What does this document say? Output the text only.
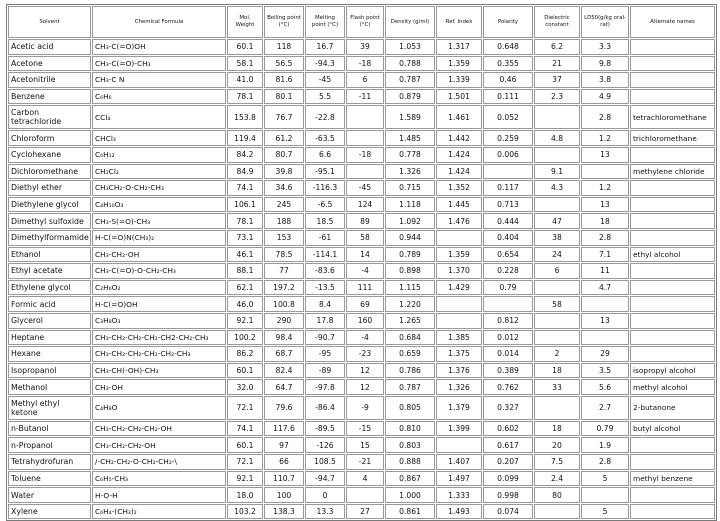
Solvent	Chemical Formula	Mol. Weight	Boiling point (°C)	Melting point (°C)	Flash point (°C)	Density (g/ml)	Ref. Index	Polarity	Dielectric constant	LD50(g/kg oral-rat)	Alternate names
Acetic acid	CH₃-C(=O)OH	60.1	118	16.7	39	1.053	1.317	0.648	6.2	3.3	
Acetone	CH₃-C(=O)-CH₃	58.1	56.5	-94.3	-18	0.788	1.359	0.355	21	9.8	
Acetonitrile	CH₃-C N	41.0	81.6	-45	6	0.787	1.339	0.46	37	3.8	
Benzene	C₆H₆	78.1	80.1	5.5	-11	0.879	1.501	0.111	2.3	4.9	
Carbon tetrachloride	CCl₄	153.8	76.7	-22.8		1.589	1.461	0.052		2.8	tetrachloromethane
Chloroform	CHCl₃	119.4	61.2	-63.5		1.485	1.442	0.259	4.8	1.2	trichloromethane
Cyclohexane	C₆H₁₂	84.2	80.7	6.6	-18	0.778	1.424	0.006		13	
Dichloromethane	CH₂Cl₂	84.9	39.8	-95.1		1.326	1.424		9.1		methylene chloride
Diethyl ether	CH₃CH₂-O-CH₂-CH₃	74.1	34.6	-116.3	-45	0.715	1.352	0.117	4.3	1.2	
Diethylene glycol	C₄H₁₀O₃	106.1	245	-6.5	124	1.118	1.445	0.713		13	
Dimethyl sulfoxide	CH₃-S(=O)-CH₃	78.1	188	18.5	89	1.092	1.476	0.444	47	18	
Dimethylformamide	H-C(=O)N(CH₃)₂	73.1	153	-61	58	0.944		0.404	38	2.8	
Ethanol	CH₃-CH₂-OH	46.1	78.5	-114.1	14	0.789	1.359	0.654	24	7.1	ethyl alcohol
Ethyl acetate	CH₃-C(=O)-O-CH₂-CH₃	88.1	77	-83.6	-4	0.898	1.370	0.228	6	11	
Ethylene glycol	C₂H₆O₂	62.1	197.2	-13.5	111	1.115	1.429	0.79		4.7	
Formic acid	H-C(=O)OH	46.0	100.8	8.4	69	1.220			58		
Glycerol	C₃H₈O₃	92.1	290	17.8	160	1.265		0.812		13	
Heptane	CH₃-CH₂-CH₂-CH₂-CH2-CH₂-CH₃	100.2	98.4	-90.7	-4	0.684	1.385	0.012			
Hexane	CH₃-CH₂-CH₂-CH₂-CH₂-CH₃	86.2	68.7	-95	-23	0.659	1.375	0.014	2	29	
Isopropanol	CH₃-CH(-OH)-CH₃	60.1	82.4	-89	12	0.786	1.376	0.389	18	3.5	isopropyl alcohol
Methanol	CH₃-OH	32.0	64.7	-97.8	12	0.787	1.326	0.762	33	5.6	methyl alcohol
Methyl ethyl ketone	C₄H₈O	72.1	79.6	-86.4	-9	0.805	1.379	0.327		2.7	2-butanone
n-Butanol	CH₃-CH₂-CH₂-CH₂-OH	74.1	117.6	-89.5	-15	0.810	1.399	0.602	18	0.79	butyl alcohol
n-Propanol	CH₃-CH₂-CH₂-OH	60.1	97	-126	15	0.803		0.617	20	1.9	
Tetrahydrofuran	/-CH₂-CH₂-O-CH₂-CH₂-\	72.1	66	108.5	-21	0.888	1.407	0.207	7.5	2.8	
Toluene	C₆H₅-CH₃	92.1	110.7	-94.7	4	0.867	1.497	0.099	2.4	5	methyl benzene
Water	H-O-H	18.0	100	0		1.000	1.333	0.998	80		
Xylene	C₆H₄-(CH₃)₂	103.2	138.3	13.3	27	0.861	1.493	0.074		5	
